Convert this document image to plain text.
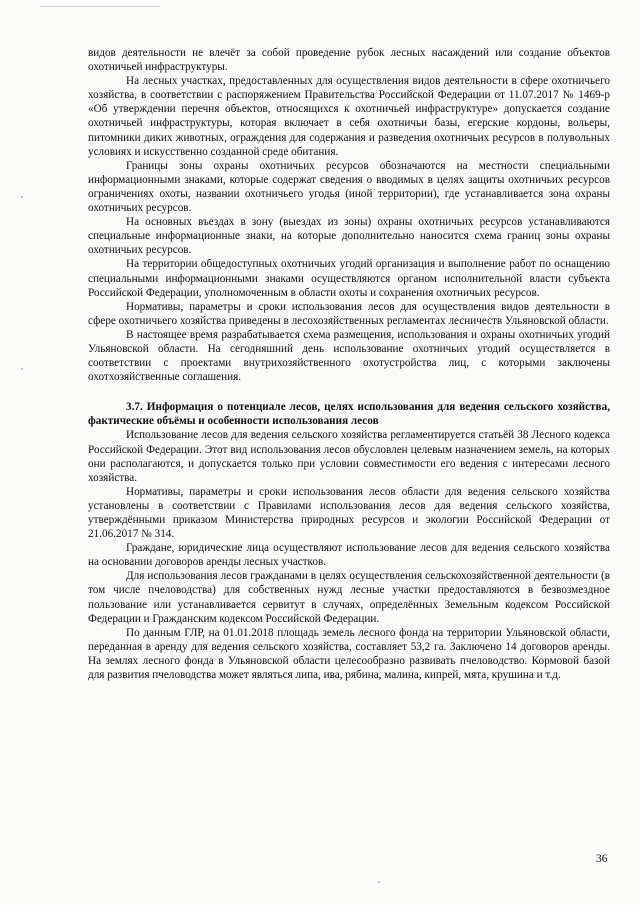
видов деятельности не влечёт за собой проведение рубок лесных насаждений или создание объектов охотничьей инфраструктуры.

На лесных участках, предоставленных для осуществления видов деятельности в сфере охотничьего хозяйства, в соответствии с распоряжением Правительства Российской Федерации от 11.07.2017 № 1469-р «Об утверждении перечня объектов, относящихся к охотничьей инфраструктуре» допускается создание охотничьей инфраструктуры, которая включает в себя охотничьи базы, егерские кордоны, вольеры, питомники диких животных, ограждения для содержания и разведения охотничьих ресурсов в полувольных условиях и искусственно созданной среде обитания.

Границы зоны охраны охотничьих ресурсов обозначаются на местности специальными информационными знаками, которые содержат сведения о вводимых в целях защиты охотничьих ресурсов ограничениях охоты, названии охотничьего угодья (иной территории), где устанавливается зона охраны охотничьих ресурсов.

На основных въездах в зону (выездах из зоны) охраны охотничьих ресурсов устанавливаются специальные информационные знаки, на которые дополнительно наносится схема границ зоны охраны охотничьих ресурсов.

На территории общедоступных охотничьих угодий организация и выполнение работ по оснащению специальными информационными знаками осуществляются органом исполнительной власти субъекта Российской Федерации, уполномоченным в области охоты и сохранения охотничьих ресурсов.

Нормативы, параметры и сроки использования лесов для осуществления видов деятельности в сфере охотничьего хозяйства приведены в лесохозяйственных регламентах лесничеств Ульяновской области.

В настоящее время разрабатывается схема размещения, использования и охраны охотничьих угодий Ульяновской области. На сегодняшний день использование охотничьих угодий осуществляется в соответствии с проектами внутрихозяйственного охотустройства лиц, с которыми заключены охотхозяйственные соглашения.

3.7. Информация о потенциале лесов, целях использования для ведения сельского хозяйства, фактические объёмы и особенности использования лесов

Использование лесов для ведения сельского хозяйства регламентируется статьёй 38 Лесного кодекса Российской Федерации. Этот вид использования лесов обусловлен целевым назначением земель, на которых они располагаются, и допускается только при условии совместимости его ведения с интересами лесного хозяйства.

Нормативы, параметры и сроки использования лесов области для ведения сельского хозяйства установлены в соответствии с Правилами использования лесов для ведения сельского хозяйства, утверждёнными приказом Министерства природных ресурсов и экологии Российской Федерации от 21.06.2017 № 314.

Граждане, юридические лица осуществляют использование лесов для ведения сельского хозяйства на основании договоров аренды лесных участков.

Для использования лесов гражданами в целях осуществления сельскохозяйственной деятельности (в том числе пчеловодства) для собственных нужд лесные участки предоставляются в безвозмездное пользование или устанавливается сервитут в случаях, определённых Земельным кодексом Российской Федерации и Гражданским кодексом Российской Федерации.

По данным ГЛР, на 01.01.2018 площадь земель лесного фонда на территории Ульяновской области, переданная в аренду для ведения сельского хозяйства, составляет 53,2 га. Заключено 14 договоров аренды. На землях лесного фонда в Ульяновской области целесообразно развивать пчеловодство. Кормовой базой для развития пчеловодства может являться липа, ива, рябина, малина, кипрей, мята, крушина и т.д.

36
